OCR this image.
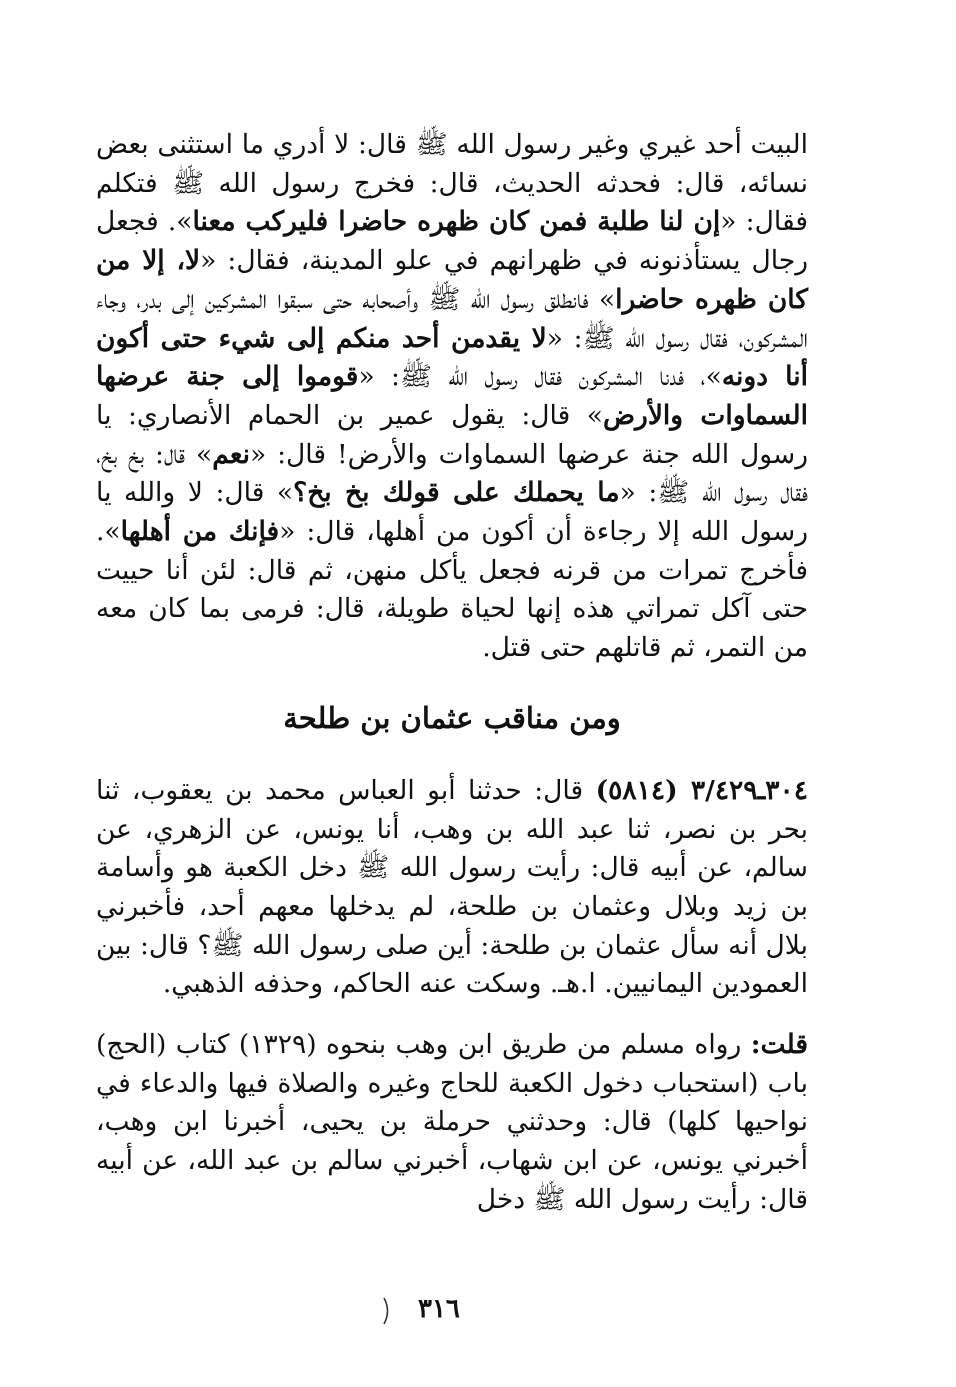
البيت أحد غيري وغير رسول الله ﷺ قال: لا أدري ما استثنى بعض نسائه، قال: فحدثه الحديث، قال: فخرج رسول الله ﷺ فتكلم فقال: «إن لنا طلبة فمن كان ظهره حاضرا فليركب معنا». فجعل رجال يستأذنونه في ظهرانهم في علو المدينة، فقال: «لا، إلا من كان ظهره حاضرا» فانطلق رسول الله ﷺ وأصحابه حتى سبقوا المشركين إلى بدر، وجاء المشركون، فقال رسول الله ﷺ: «لا يقدمن أحد منكم إلى شيء حتى أكون أنا دونه»، فدنا المشركون فقال رسول الله ﷺ: «قوموا إلى جنة عرضها السماوات والأرض» قال: يقول عمير بن الحمام الأنصاري: يا رسول الله جنة عرضها السماوات والأرض! قال: «نعم» قال: بخ بخ، فقال رسول الله ﷺ: «ما يحملك على قولك بخ بخ؟» قال: لا والله يا رسول الله إلا رجاءة أن أكون من أهلها، قال: «فإنك من أهلها». فأخرج تمرات من قرنه فجعل يأكل منهن، ثم قال: لئن أنا حييت حتى آكل تمراتي هذه إنها لحياة طويلة، قال: فرمى بما كان معه من التمر، ثم قاتلهم حتى قتل.

ومن مناقب عثمان بن طلحة

٣٠٤ـ٣/٤٢٩ (٥٨١٤) قال: حدثنا أبو العباس محمد بن يعقوب، ثنا بحر بن نصر، ثنا عبد الله بن وهب، أنا يونس، عن الزهري، عن سالم، عن أبيه قال: رأيت رسول الله ﷺ دخل الكعبة هو وأسامة بن زيد وبلال وعثمان بن طلحة، لم يدخلها معهم أحد، فأخبرني بلال أنه سأل عثمان بن طلحة: أين صلى رسول الله ﷺ؟ قال: بين العمودين اليمانيين. ا.هـ. وسكت عنه الحاكم، وحذفه الذهبي.

قلت: رواه مسلم من طريق ابن وهب بنحوه (١٣٢٩) كتاب (الحج) باب (استحباب دخول الكعبة للحاج وغيره والصلاة فيها والدعاء في نواحيها كلها) قال: وحدثني حرملة بن يحيى، أخبرنا ابن وهب، أخبرني يونس، عن ابن شهاب، أخبرني سالم بن عبد الله، عن أبيه قال: رأيت رسول الله ﷺ دخل

٣١٦
